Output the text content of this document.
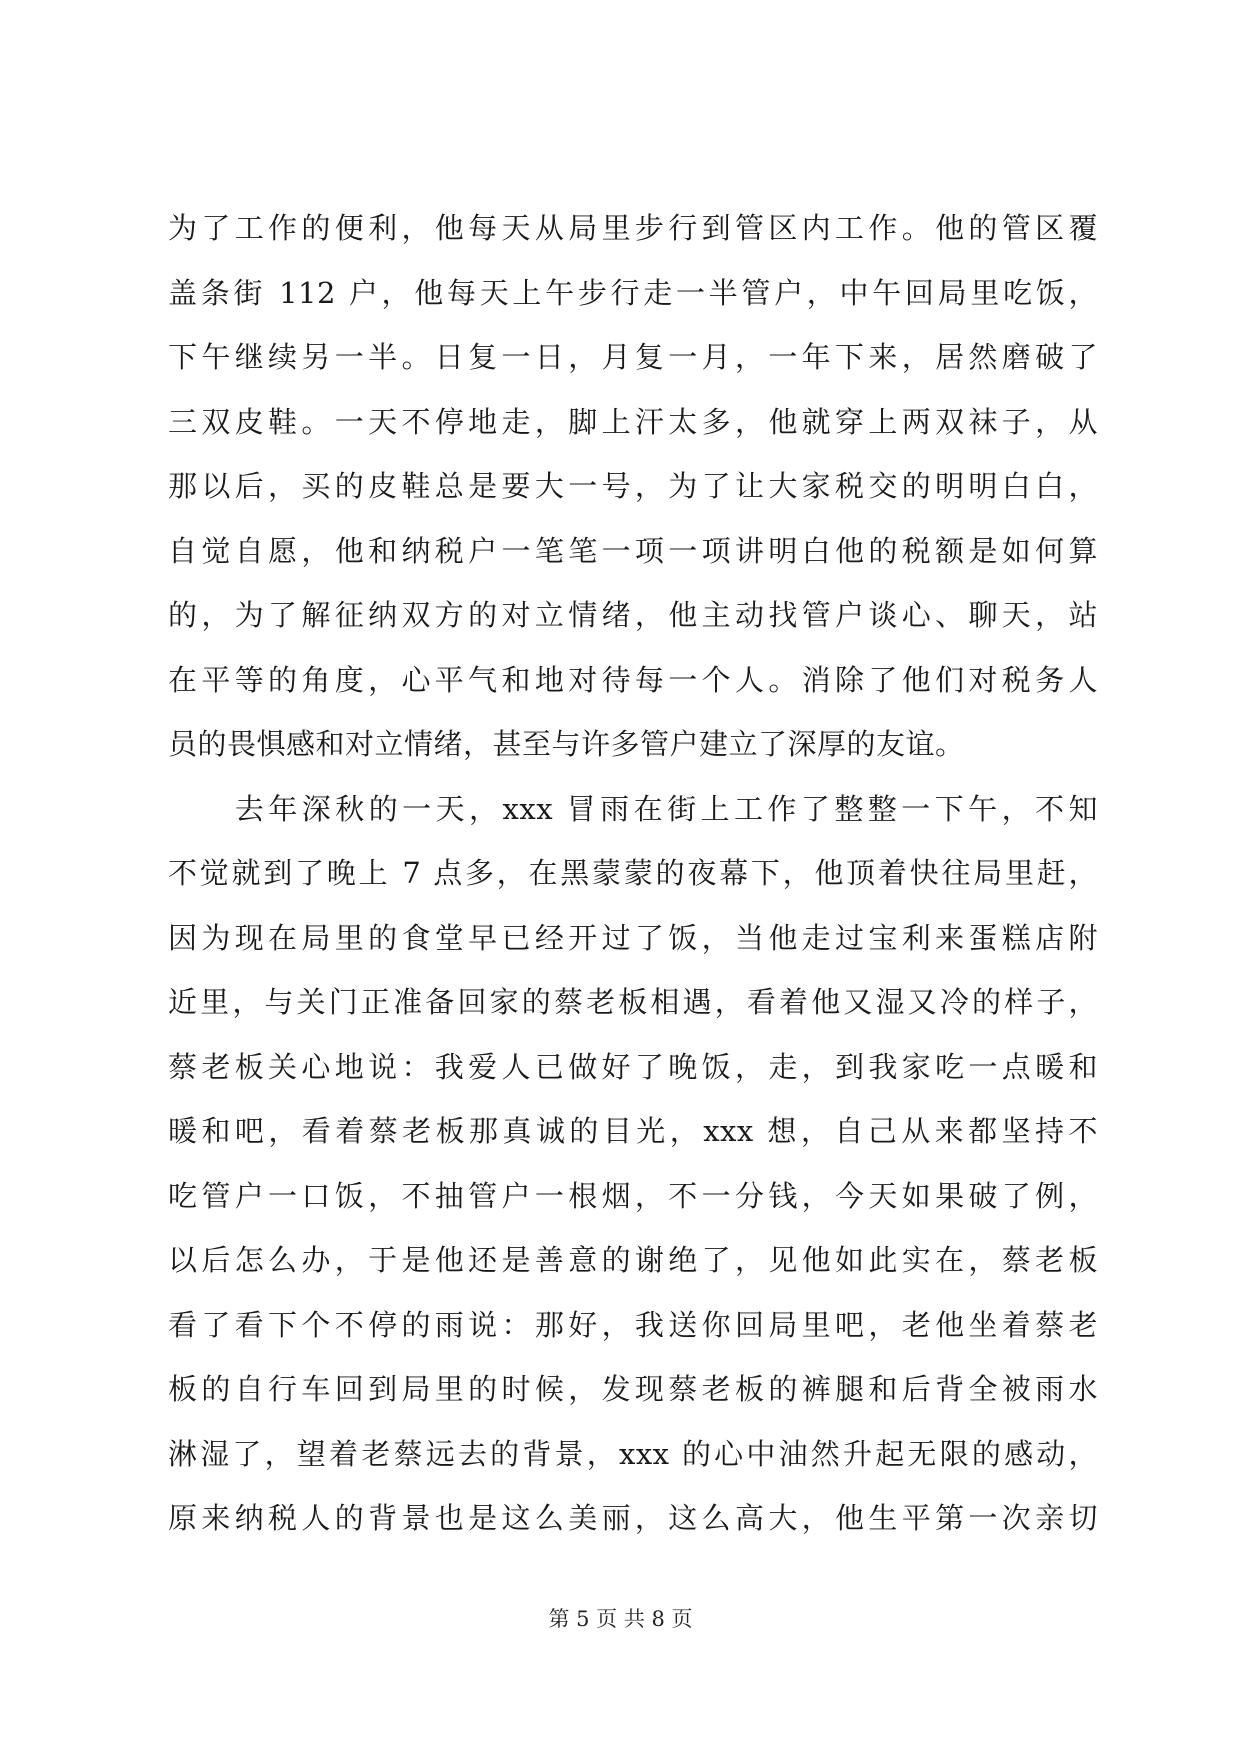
为了工作的便利，他每天从局里步行到管区内工作。他的管区覆
盖条街 112 户，他每天上午步行走一半管户，中午回局里吃饭，
下午继续另一半。日复一日，月复一月，一年下来，居然磨破了
三双皮鞋。一天不停地走，脚上汗太多，他就穿上两双袜子，从
那以后，买的皮鞋总是要大一号，为了让大家税交的明明白白，
自觉自愿，他和纳税户一笔笔一项一项讲明白他的税额是如何算
的，为了解征纳双方的对立情绪，他主动找管户谈心、聊天，站
在平等的角度，心平气和地对待每一个人。消除了他们对税务人
员的畏惧感和对立情绪，甚至与许多管户建立了深厚的友谊。
　　去年深秋的一天，xxx 冒雨在街上工作了整整一下午，不知
不觉就到了晚上 7 点多，在黑蒙蒙的夜幕下，他顶着快往局里赶，
因为现在局里的食堂早已经开过了饭，当他走过宝利来蛋糕店附
近里，与关门正准备回家的蔡老板相遇，看着他又湿又冷的样子，
蔡老板关心地说：我爱人已做好了晚饭，走，到我家吃一点暖和
暖和吧，看着蔡老板那真诚的目光，xxx 想，自己从来都坚持不
吃管户一口饭，不抽管户一根烟，不一分钱，今天如果破了例，
以后怎么办，于是他还是善意的谢绝了，见他如此实在，蔡老板
看了看下个不停的雨说：那好，我送你回局里吧，老他坐着蔡老
板的自行车回到局里的时候，发现蔡老板的裤腿和后背全被雨水
淋湿了，望着老蔡远去的背景，xxx 的心中油然升起无限的感动，
原来纳税人的背景也是这么美丽，这么高大，他生平第一次亲切
第 5 页 共 8 页
